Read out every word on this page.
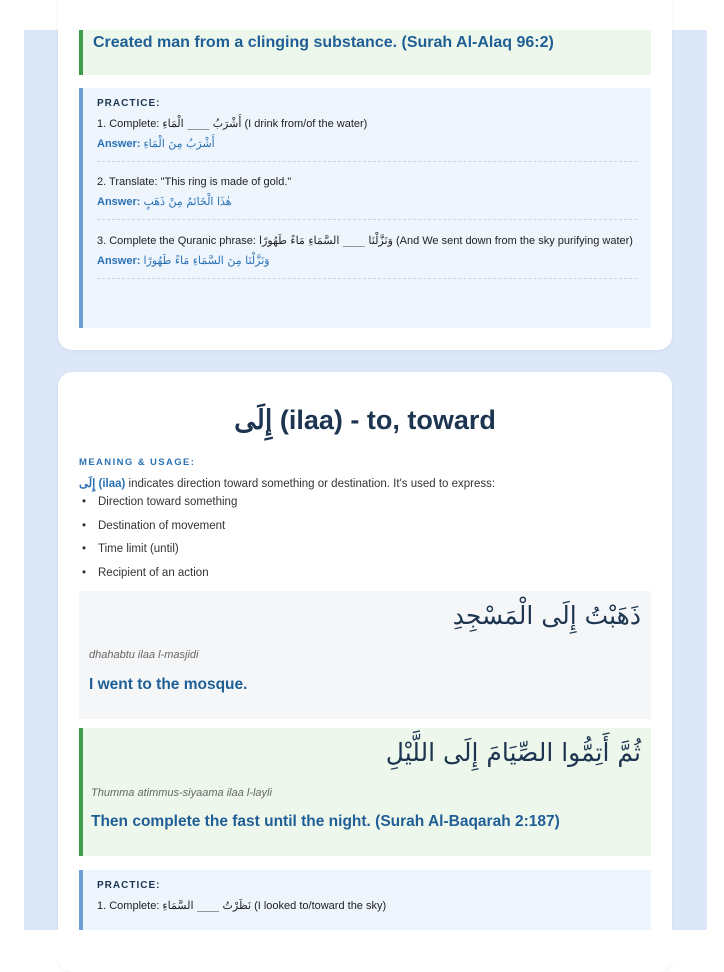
Created man from a clinging substance. (Surah Al-Alaq 96:2)
PRACTICE:
1. Complete: أَشْرَبُ ____ الْمَاءِ (I drink from/of the water)
Answer: أَشْرَبُ مِنَ الْمَاءِ
2. Translate: "This ring is made of gold."
Answer: هٰذَا الْخَاتَمُ مِنْ ذَهَبٍ
3. Complete the Quranic phrase: وَنَزَّلْنَا ____ السَّمَاءِ مَاءً طَهُورًا (And We sent down from the sky purifying water)
Answer: وَنَزَّلْنَا مِنَ السَّمَاءِ مَاءً طَهُورًا
إِلَى (ilaa) - to, toward
MEANING & USAGE:
إِلَى (ilaa) indicates direction toward something or destination. It's used to express:
• Direction toward something
• Destination of movement
• Time limit (until)
• Recipient of an action
ذَهَبْتُ إِلَى الْمَسْجِدِ
dhahabtu ilaa l-masjidi
I went to the mosque.
ثُمَّ أَتِمُّوا الصِّيَامَ إِلَى اللَّيْلِ
Thumma atimmus-siyaama ilaa l-layli
Then complete the fast until the night. (Surah Al-Baqarah 2:187)
PRACTICE:
1. Complete: نَظَرْتُ ____ السَّمَاءِ (I looked to/toward the sky)
